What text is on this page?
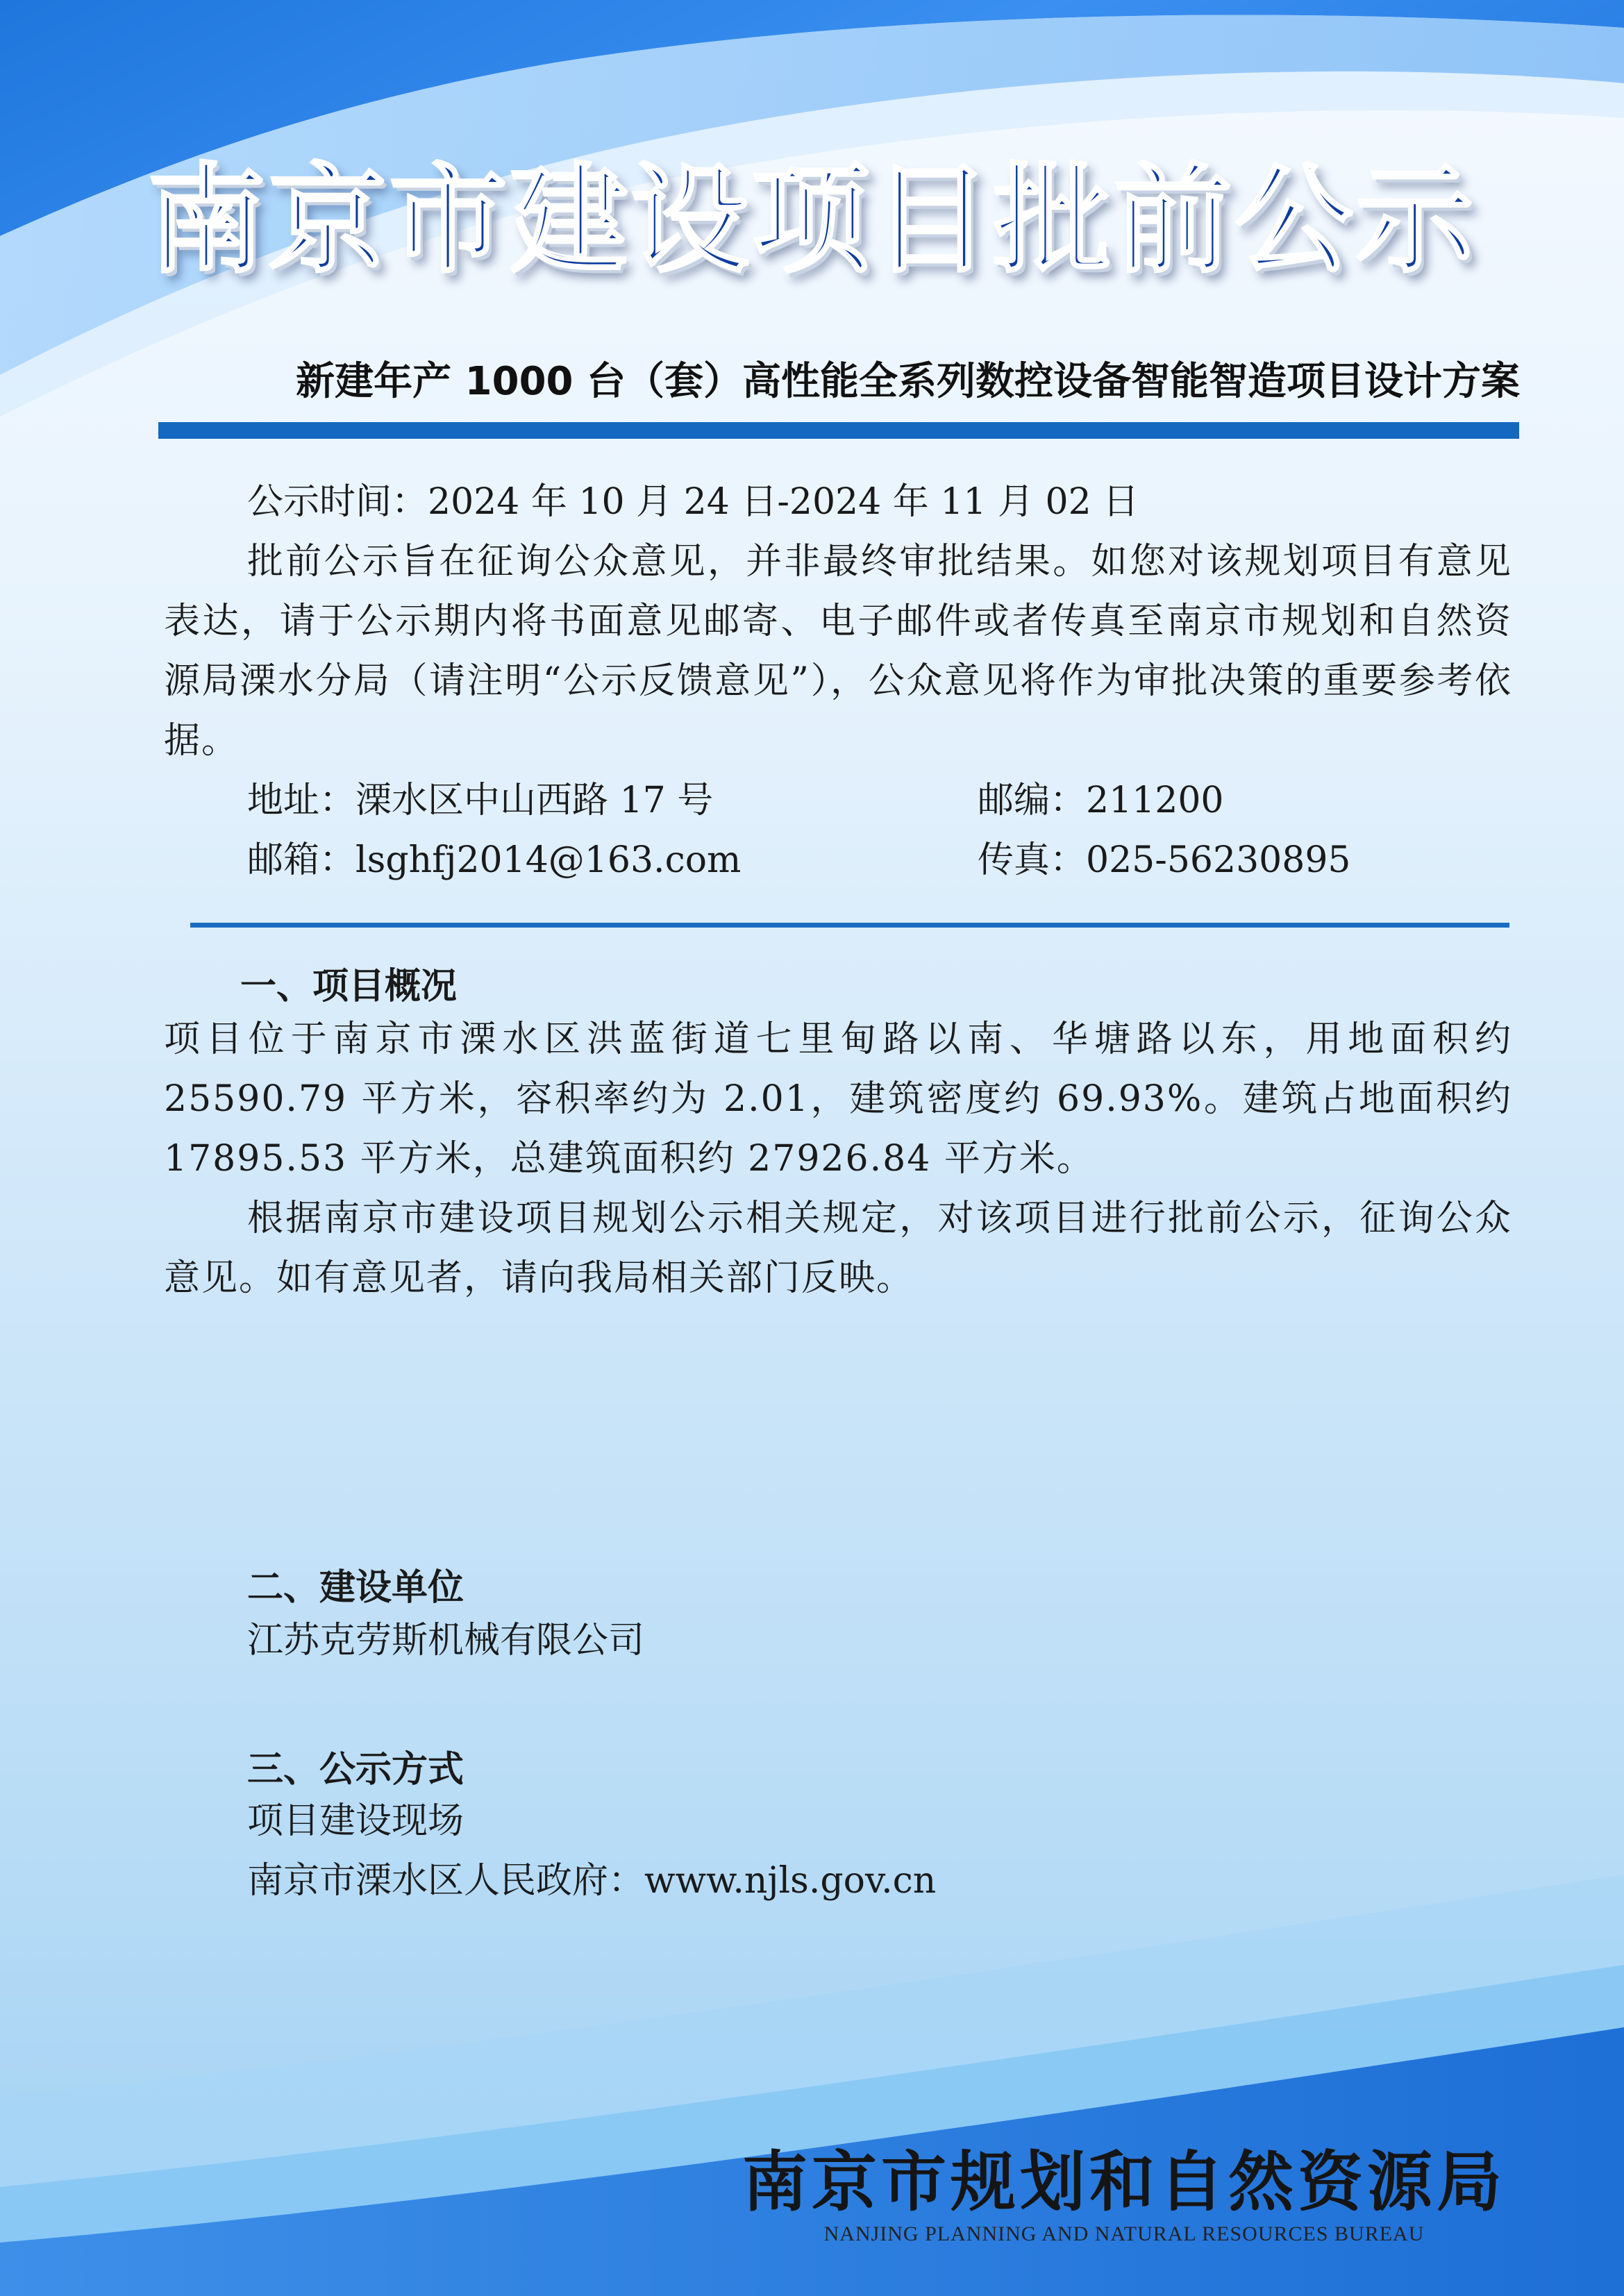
南京市建设项目批前公示
新建年产 1000 台（套）高性能全系列数控设备智能智造项目设计方案

公示时间：2024 年 10 月 24 日-2024 年 11 月 02 日

批前公示旨在征询公众意见，并非最终审批结果。如您对该规划项目有意见表达，请于公示期内将书面意见邮寄、电子邮件或者传真至南京市规划和自然资源局溧水分局（请注明“公示反馈意见”），公众意见将作为审批决策的重要参考依据。

地址：溧水区中山西路 17 号	邮编：211200

邮箱：lsghfj2014@163.com	传真：025-56230895

一、项目概况

项目位于南京市溧水区洪蓝街道七里甸路以南、华塘路以东，用地面积约25590.79 平方米，容积率约为 2.01，建筑密度约 69.93%。建筑占地面积约17895.53 平方米，总建筑面积约 27926.84 平方米。

根据南京市建设项目规划公示相关规定，对该项目进行批前公示，征询公众意见。如有意见者，请向我局相关部门反映。

二、建设单位

江苏克劳斯机械有限公司

三、公示方式

项目建设现场

南京市溧水区人民政府：www.njls.gov.cn

南京市规划和自然资源局

NANJING PLANNING AND NATURAL RESOURCES BUREAU
